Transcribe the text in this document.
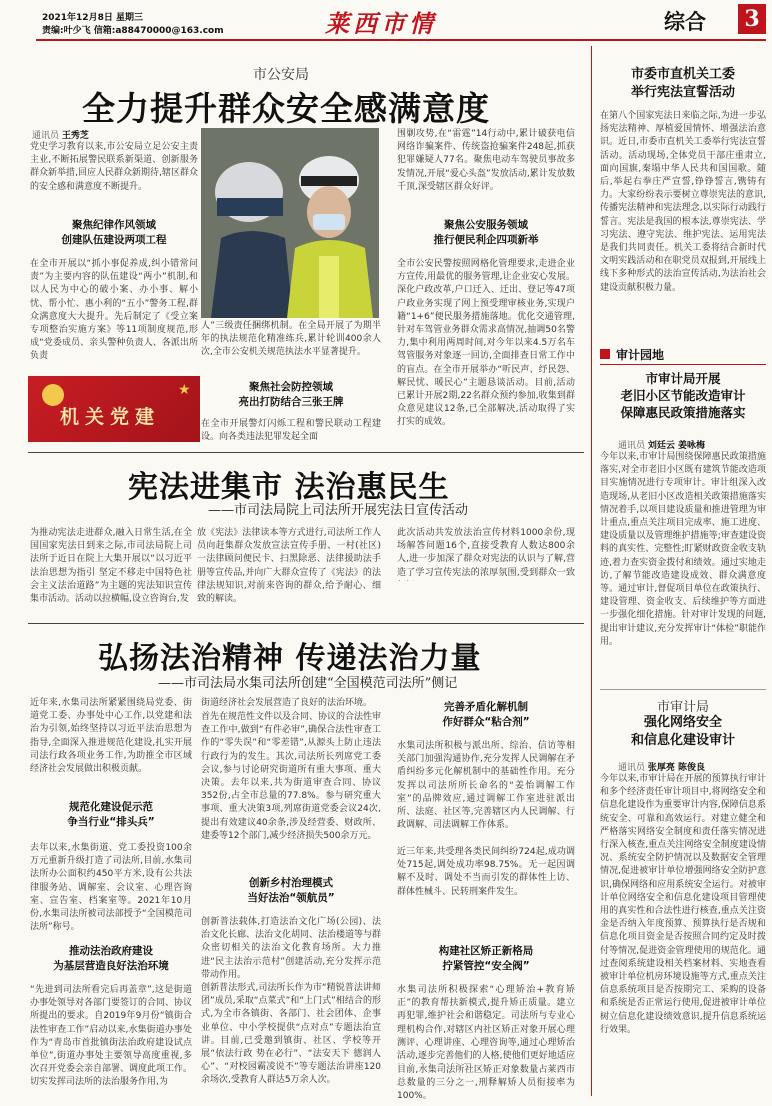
2021年12月8日 星期三
责编:叶少飞 信箱:a88470000@163.com	莱西市情	综合 3
市公安局
全力提升群众安全感满意度
通讯员 王秀芝
党史学习教育以来,市公安局立足公安主责主业,不断拓展警民联系新渠道、创新服务群众新举措,回应人民群众新期待,辖区群众的安全感和满意度不断提升。
聚焦纪律作风领域
创建队伍建设两项工程
在全市开展以“抓小事促养成,纠小错常问责”为主要内容的队伍建设“两小”机制,和以人民为中心的破小案、办小事、解小忧、帮小忙、惠小利的“五小”警务工程,群众满意度大大提升。先后制定了《受立案专项整治实施方案》等11项制度规范,形成“党委成员、亲头警种负责人、各派出所负责
人”三级责任捆绑机制。在全局开展了为期半年的执法规范化精准练兵,累计轮训400余人次,全市公安机关规范执法水平显著提升。
★
机关党建
聚焦社会防控领域
亮出打防结合三张王牌
在全市开展警灯闪烁工程和警民联动工程建设。向各类违法犯罪发起全面
围剿攻势,在“雷霆”14行动中,累计破获电信网络诈骗案件、传统盗抢骗案件248起,抓获犯罪嫌疑人77名。聚焦电动车驾驶员事故多发情况,开展“爱心头盔”发放活动,累计发放数千顶,深受辖区群众好评。
聚焦公安服务领域
推行便民利企四项新举
全市公安民警按照网格化管理要求,走进企业方宣传,用最优的服务管理,让企业安心发展。深化户政改革,户口迁入、迁出、登记等47项户政业务实现了网上预受理审核业务,实现户籍“1+6”便民服务措施落地。优化交通管理,针对车驾管业务群众需求高情况,抽调50名警力,集中利用两周时间,对今年以来4.5万名车驾管服务对象逐一回访,全面排查日常工作中的盲点。在全市开展举办“听民声、纾民怨、解民忧、暖民心”主题恳谈活动。目前,活动已累计开展2期,22名群众预约参加,收集到群众意见建议12条,已全部解决,活动取得了实打实的成效。
宪法进集市 法治惠民生
——市司法局院上司法所开展宪法日宣传活动
为推动宪法走进群众,融入日常生活,在全国国家宪法日到来之际,市司法局院上司法所于近日在院上大集开展以“以习近平法治思想为指引 坚定不移走中国特色社会主义法治道路”为主题的宪法知识宣传集市活动。活动以拉横幅,设立咨询台,发
放《宪法》法律读本等方式进行,司法所工作人员向赶集群众发放宣法宣传手册、一村(社区)一法律顾问便民卡、扫黑除恶、法律援助法手册等宣传品,并向广大群众宣传了《宪法》的法律法规知识,对前来咨询的群众,给予耐心、细致的解读。
此次活动共发放法治宣传材料1000余份,现场解答问题16个,直接受教育人数达800余人,进一步加深了群众对宪法的认识与了解,营造了学习宣传宪法的浓厚氛围,受到群众一致
弘扬法治精神 传递法治力量
——市司法局水集司法所创建“全国模范司法所”侧记
近年来,水集司法所紧紧围绕局党委、街道党工委、办事处中心工作,以党建和法治为引领,始终坚持以习近平法治思想为指导,全面深入推进规范化建设,扎实开展司法行政各项业务工作,为助推全市区域经济社会发展做出积极贡献。
规范化建设促示范
争当行业“排头兵”
去年以来,水集街道、党工委投资100余万元重新升级打造了司法所,目前,水集司法所办公面积约450平方米,设有公共法律服务站、调解室、会议室、心理咨询室、宣告室、档案室等。2021年10月份,水集司法所被司法部授予“全国模范司法所”称号。
推动法治政府建设
为基层营造良好法治环境
“先进到司法所看完后再盖章”,这是街道办事处领导对各部门要签订的合同、协议所提出的要求。自2019年9月份“镇街合法性审查工作”启动以来,水集街道办事处作为“青岛市首批镇街法治政府建设试点单位”,街道办事处主要领导高度重视,多次召开党委会亲自部署、调度此项工作。切实发挥司法所的法治服务作用,为
街道经济社会发展营造了良好的法治环境。
首先在规范性文件以及合同、协议的合法性审查工作中,做到“有件必审”,确保合法性审查工作的“零失误”和“零差错”,从源头上防止违法行政行为的发生。其次,司法所长列席党工委会议,参与讨论研究街道所有重大事项、重大决策。去年以来,共为街道审查合同、协议352份,占全市总量的77.8%。参与研究重大事项、重大决策3项,列席街道党委会议24次,提出有效建议40余条,涉及经营委、财政所、建委等12个部门,减少经济损失500余万元。
创新乡村治理模式
当好法治“领航员”
创新普法载体,打造法治文化广场(公园)、法治文化长廊、法治文化胡同、法治楼道等与群众密切相关的法治文化教育场所。大力推进“民主法治示范村”创建活动,充分发挥示范带动作用。
创新普法形式,司法所长作为市“精锐普法讲师团”成员,采取“点菜式”和“上门式”相结合的形式,为全市各镇街、各部门、社会团体、企事业单位、中小学校提供“点对点”专题法治宣讲。目前,已受邀到镇街、社区、学校等开展“依法行政 势在必行”、“法安天下 德润人心”、“对校园霸凌说不”等专题法治讲座120余场次,受教育人群达5万余人次。
完善矛盾化解机制
作好群众“粘合剂”
水集司法所积极与派出所、综治、信访等相关部门加强沟通协作,充分发挥人民调解在矛盾纠纷多元化解机制中的基础性作用。充分发挥以司法所所长命名的“姜怡调解工作室”的品牌效应,通过调解工作室进驻派出所、法庭、社区等,完善辖区内人民调解、行政调解、司法调解工作体系。
近三年来,共受理各类民间纠纷724起,成功调处715起,调处成功率98.75%。无一起因调解不及时、调处不当而引发的群体性上访、群体性械斗、民转刑案件发生。
构建社区矫正新格局
拧紧管控“安全阀”
水集司法所积极探索“心理矫治+教育矫正”的教育帮扶新模式,提升矫正质量。建立再犯罪,维护社会和谐稳定。司法所与专业心理机构合作,对辖区内社区矫正对象开展心理测评、心理讲座、心理咨询等,通过心理矫治活动,逐步完善他们的人格,使他们更好地适应
目前,水集司法所社区矫正对象数量占莱西市总数量的三分之一,刑释解矫人员衔接率为100%。
市委市直机关工委
举行宪法宣誓活动
在第八个国家宪法日来临之际,为进一步弘扬宪法精神、厚植爱国情怀、增强法治意识。近日,市委市直机关工委举行宪法宣誓活动。活动现场,全体党员干部庄重肃立,面向国旗,秦塌中华人民共和国国歌。随后,举起右拳庄严宣誓,铮铮誓言,镌铸有力。大家纷纷表示要树立尊崇宪法的意识,传播宪法精神和宪法理念,以实际行动践行誓言。宪法是我国的根本法,尊崇宪法、学习宪法、遵守宪法、维护宪法、运用宪法是我们共同责任。机关工委将结合新时代文明实践活动和在职党员双报到,开展线上线下多种形式的法治宣传活动,为法治社会建设贡献积极力量。
审计园地
市审计局开展
老旧小区节能改造审计
保障惠民政策措施落实
通讯员 刘廷云 姜咏梅
今年以来,市审计局围绕保障惠民政策措施落实,对全市老旧小区既有建筑节能改造项目实施情况进行专项审计。审计组深入改造现场,从老旧小区改造相关政策措施落实情况着手,以项目建设质量和推进管理为审计重点,重点关注项目完成率、施工进度、建设质量以及管理维护措施等;审查建设资料的真实性、完整性;盯紧财政资金收支轨迹,着力查实资金拨付和绩效。通过实地走访,了解节能改造建设成效、群众满意度等。通过审计,督促项目单位在政策执行、建设管理、资金收支、后续维护等方面进一步强化细化措施。针对审计发现的问题,提出审计建议,充分发挥审计“体检”职能作用。
市审计局
强化网络安全
和信息化建设审计
通讯员 张厚亮 陈俊良
今年以来,市审计局在开展的预算执行审计和多个经济责任审计项目中,将网络安全和信息化建设作为重要审计内容,保障信息系统安全、可靠和高效运行。对建立健全和严格落实网络安全制度和责任落实情况进行深入核查,重点关注网络安全制度建设情况、系统安全防护情况以及数据安全管理情况,促进被审计单位增强网络安全防护意识,确保网络和应用系统安全运行。对被审计单位网络安全和信息化建设项目管理使用的真实性和合法性进行核查,重点关注资金是否纳入年度预算、预算执行是否规和信息化项目资金是否按照合同约定及时拨付等情况,促进资金管理使用的规范化。通过查阅系统建设相关档案材料、实地查看被审计单位机房环境设施等方式,重点关注信息系统项目是否按期完工、采购的设备和系统是否正常运行使用,促进被审计单位树立信息化建设绩效意识,提升信息系统运行效果。
